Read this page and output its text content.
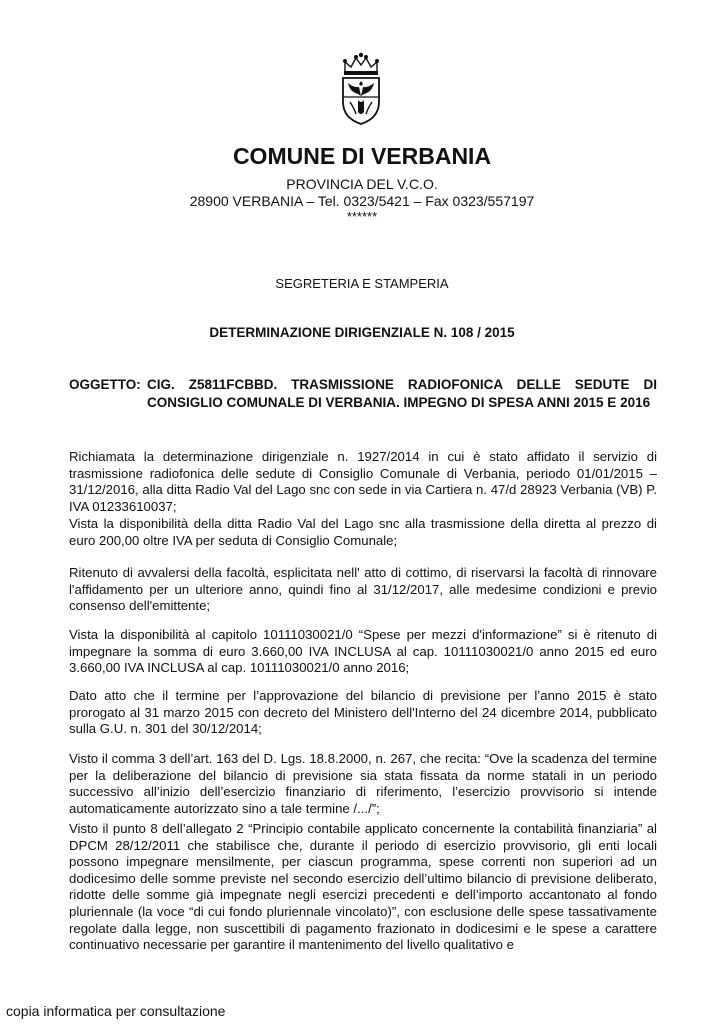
COMUNE DI VERBANIA
PROVINCIA DEL V.C.O.
28900 VERBANIA – Tel. 0323/5421 – Fax 0323/557197
******
SEGRETERIA E STAMPERIA
DETERMINAZIONE DIRIGENZIALE N. 108 / 2015
OGGETTO: CIG. Z5811FCBBD. TRASMISSIONE RADIOFONICA DELLE SEDUTE DI CONSIGLIO COMUNALE DI VERBANIA. IMPEGNO DI SPESA ANNI 2015 E 2016
Richiamata la determinazione dirigenziale n. 1927/2014 in cui è stato affidato il servizio di trasmissione radiofonica delle sedute di Consiglio Comunale di Verbania, periodo 01/01/2015 – 31/12/2016, alla ditta Radio Val del Lago snc con sede in via Cartiera n. 47/d 28923 Verbania (VB) P. IVA 01233610037;
Vista la disponibilità della ditta Radio Val del Lago snc alla trasmissione della diretta al prezzo di euro 200,00 oltre IVA per seduta di Consiglio Comunale;
Ritenuto di avvalersi della facoltà, esplicitata nell' atto di cottimo, di riservarsi la facoltà di rinnovare l'affidamento per un ulteriore anno, quindi fino al 31/12/2017, alle medesime condizioni e previo consenso dell'emittente;
Vista la disponibilità al capitolo 10111030021/0 “Spese per mezzi d'informazione” si è ritenuto di impegnare la somma di euro 3.660,00 IVA INCLUSA al cap. 10111030021/0 anno 2015 ed euro 3.660,00 IVA INCLUSA al cap. 10111030021/0 anno 2016;
Dato atto che il termine per l’approvazione del bilancio di previsione per l’anno 2015 è stato prorogato al 31 marzo 2015 con decreto del Ministero dell'Interno del 24 dicembre 2014, pubblicato sulla G.U. n. 301 del 30/12/2014;
Visto il comma 3 dell’art. 163 del D. Lgs. 18.8.2000, n. 267, che recita: “Ove la scadenza del termine per la deliberazione del bilancio di previsione sia stata fissata da norme statali in un periodo successivo all’inizio dell’esercizio finanziario di riferimento, l’esercizio provvisorio si intende automaticamente autorizzato sino a tale termine /.../”;
Visto il punto 8 dell’allegato 2 “Principio contabile applicato concernente la contabilità finanziaria” al DPCM 28/12/2011 che stabilisce che, durante il periodo di esercizio provvisorio, gli enti locali possono impegnare mensilmente, per ciascun programma, spese correnti non superiori ad un dodicesimo delle somme previste nel secondo esercizio dell’ultimo bilancio di previsione deliberato, ridotte delle somme già impegnate negli esercizi precedenti e dell’importo accantonato al fondo pluriennale (la voce “di cui fondo pluriennale vincolato)”, con esclusione delle spese tassativamente regolate dalla legge, non suscettibili di pagamento frazionato in dodicesimi e le spese a carattere continuativo necessarie per garantire il mantenimento del livello qualitativo e
copia informatica per consultazione
